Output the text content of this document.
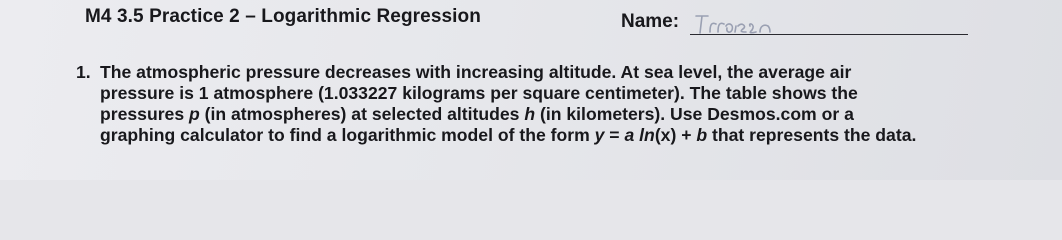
M4 3.5 Practice 2 – Logarithmic Regression	Name:
1. The atmospheric pressure decreases with increasing altitude. At sea level, the average air
pressure is 1 atmosphere (1.033227 kilograms per square centimeter). The table shows the
pressures p (in atmospheres) at selected altitudes h (in kilometers). Use Desmos.com or a
graphing calculator to find a logarithmic model of the form y = a ln(x) + b that represents the data.
